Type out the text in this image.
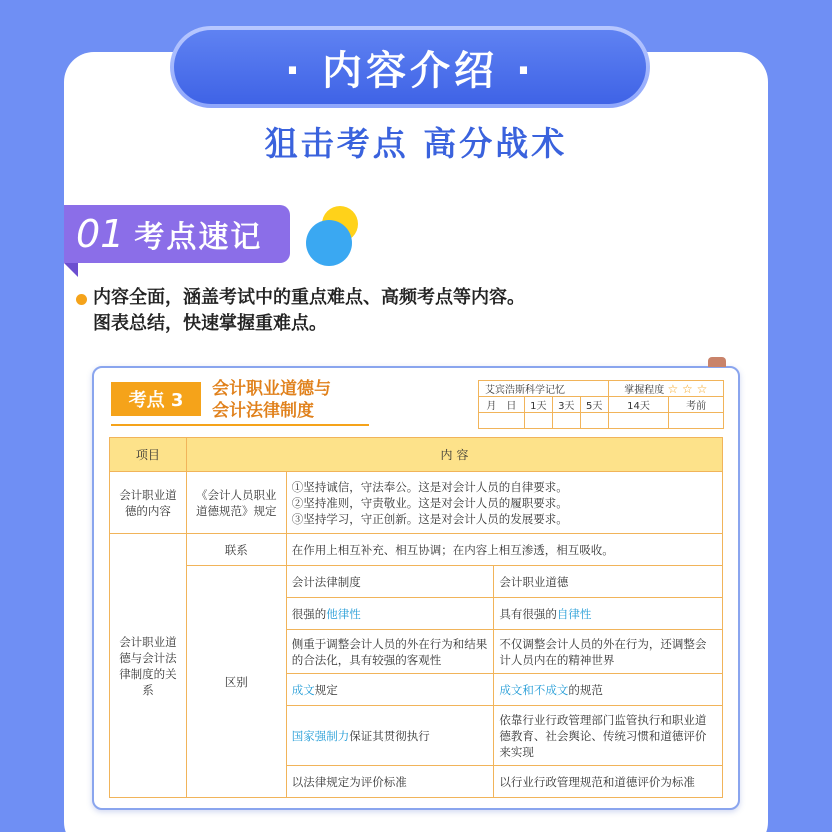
· 内容介绍 ·
狙击考点 高分战术
01 考点速记
内容全面，涵盖考试中的重点难点、高频考点等内容。
图表总结，快速掌握重难点。
考点 3
会计职业道德与
会计法律制度
艾宾浩斯科学记忆				掌握程度 ☆ ☆ ☆	
月　日	1天	3天	5天	14天	考前

项目	内 容		
会计职业道德的内容	《会计人员职业道德规范》规定	①坚持诚信，守法奉公。这是对会计人员的自律要求。
②坚持准则，守责敬业。这是对会计人员的履职要求。
③坚持学习，守正创新。这是对会计人员的发展要求。	

会计职业道德与会计法律制度的关系	联系	在作用上相互补充、相互协调；在内容上相互渗透，相互吸收。	
	区别	会计法律制度	会计职业道德
		很强的他律性	具有很强的自律性
		侧重于调整会计人员的外在行为和结果的合法化，具有较强的客观性	不仅调整会计人员的外在行为，还调整会计人员内在的精神世界
		成文规定	成文和不成文的规范
		国家强制力保证其贯彻执行	依靠行业行政管理部门监管执行和职业道德教育、社会舆论、传统习惯和道德评价来实现
		以法律规定为评价标准	以行业行政管理规范和道德评价为标准
